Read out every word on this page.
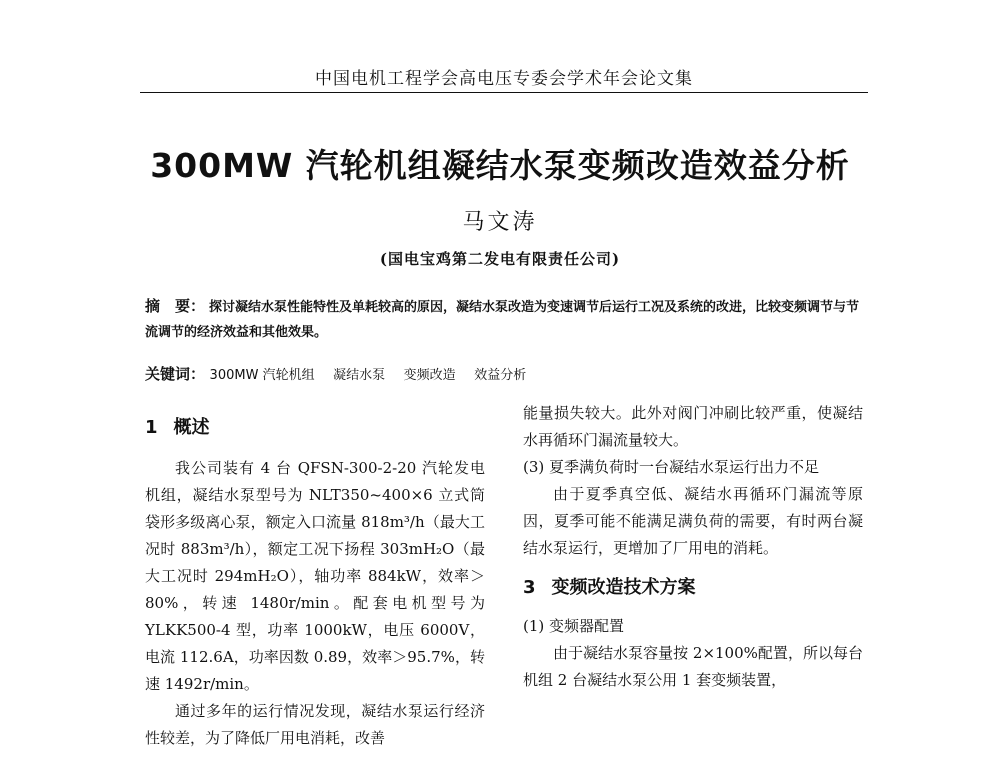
中国电机工程学会高电压专委会学术年会论文集
300MW 汽轮机组凝结水泵变频改造效益分析
马文涛
(国电宝鸡第二发电有限责任公司)
摘　要： 探讨凝结水泵性能特性及单耗较高的原因，凝结水泵改造为变速调节后运行工况及系统的改进，比较变频调节与节流调节的经济效益和其他效果。
关键词： 300MW 汽轮机组 凝结水泵 变频改造 效益分析
1 概述

我公司装有 4 台 QFSN-300-2-20 汽轮发电机组，凝结水泵型号为 NLT350~400×6 立式筒袋形多级离心泵，额定入口流量 818m³/h（最大工况时 883m³/h），额定工况下扬程 303mH₂O（最大工况时 294mH₂O），轴功率 884kW，效率＞80%，转速 1480r/min。配套电机型号为 YLKK500-4 型，功率 1000kW，电压 6000V，电流 112.6A，功率因数 0.89，效率＞95.7%，转速 1492r/min。

通过多年的运行情况发现，凝结水泵运行经济性较差，为了降低厂用电消耗，改善

能量损失较大。此外对阀门冲刷比较严重，使凝结水再循环门漏流量较大。

(3) 夏季满负荷时一台凝结水泵运行出力不足

由于夏季真空低、凝结水再循环门漏流等原因，夏季可能不能满足满负荷的需要，有时两台凝结水泵运行，更增加了厂用电的消耗。

3 变频改造技术方案

(1) 变频器配置

由于凝结水泵容量按 2×100%配置，所以每台机组 2 台凝结水泵公用 1 套变频装置，
